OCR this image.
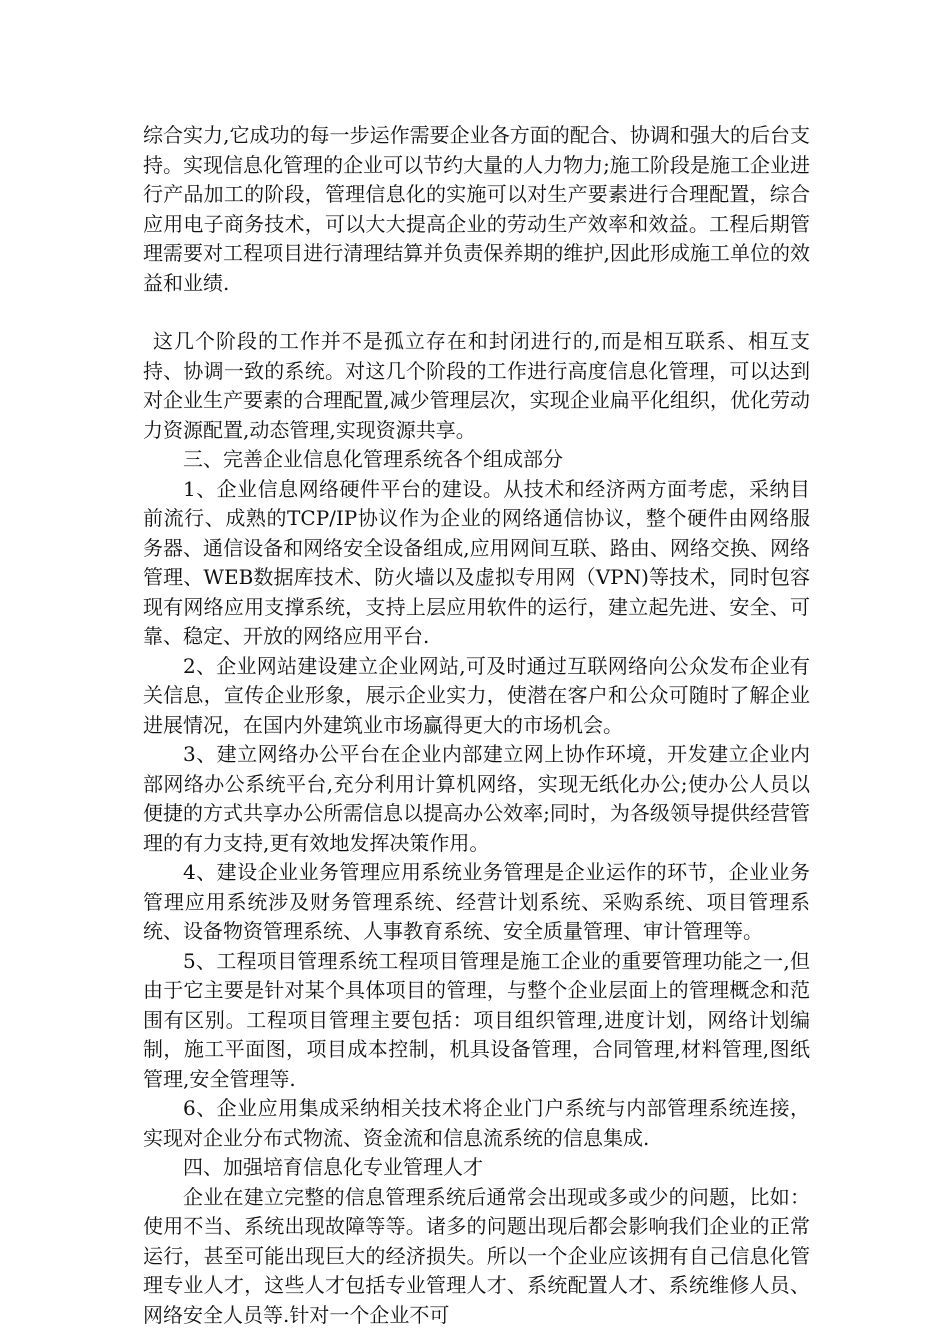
综合实力,它成功的每一步运作需要企业各方面的配合、协调和强大的后台支持。实现信息化管理的企业可以节约大量的人力物力;施工阶段是施工企业进行产品加工的阶段，管理信息化的实施可以对生产要素进行合理配置，综合应用电子商务技术，可以大大提高企业的劳动生产效率和效益。工程后期管理需要对工程项目进行清理结算并负责保养期的维护,因此形成施工单位的效益和业绩.

这几个阶段的工作并不是孤立存在和封闭进行的,而是相互联系、相互支持、协调一致的系统。对这几个阶段的工作进行高度信息化管理，可以达到对企业生产要素的合理配置,减少管理层次，实现企业扁平化组织，优化劳动力资源配置,动态管理,实现资源共享。

三、完善企业信息化管理系统各个组成部分

1、企业信息网络硬件平台的建设。从技术和经济两方面考虑，采纳目前流行、成熟的TCP/IP协议作为企业的网络通信协议，整个硬件由网络服务器、通信设备和网络安全设备组成,应用网间互联、路由、网络交换、网络管理、WEB数据库技术、防火墙以及虚拟专用网（VPN)等技术，同时包容现有网络应用支撑系统，支持上层应用软件的运行，建立起先进、安全、可靠、稳定、开放的网络应用平台.

2、企业网站建设建立企业网站,可及时通过互联网络向公众发布企业有关信息，宣传企业形象，展示企业实力，使潜在客户和公众可随时了解企业进展情况，在国内外建筑业市场赢得更大的市场机会。

3、建立网络办公平台在企业内部建立网上协作环境，开发建立企业内部网络办公系统平台,充分利用计算机网络，实现无纸化办公;使办公人员以便捷的方式共享办公所需信息以提高办公效率;同时，为各级领导提供经营管理的有力支持,更有效地发挥决策作用。

4、建设企业业务管理应用系统业务管理是企业运作的环节，企业业务管理应用系统涉及财务管理系统、经营计划系统、采购系统、项目管理系统、设备物资管理系统、人事教育系统、安全质量管理、审计管理等。

5、工程项目管理系统工程项目管理是施工企业的重要管理功能之一,但由于它主要是针对某个具体项目的管理，与整个企业层面上的管理概念和范围有区别。工程项目管理主要包括：项目组织管理,进度计划，网络计划编制，施工平面图，项目成本控制，机具设备管理，合同管理,材料管理,图纸管理,安全管理等.

6、企业应用集成采纳相关技术将企业门户系统与内部管理系统连接，实现对企业分布式物流、资金流和信息流系统的信息集成.

四、加强培育信息化专业管理人才

企业在建立完整的信息管理系统后通常会出现或多或少的问题，比如：使用不当、系统出现故障等等。诸多的问题出现后都会影响我们企业的正常运行，甚至可能出现巨大的经济损失。所以一个企业应该拥有自己信息化管理专业人才，这些人才包括专业管理人才、系统配置人才、系统维修人员、网络安全人员等.针对一个企业不可
